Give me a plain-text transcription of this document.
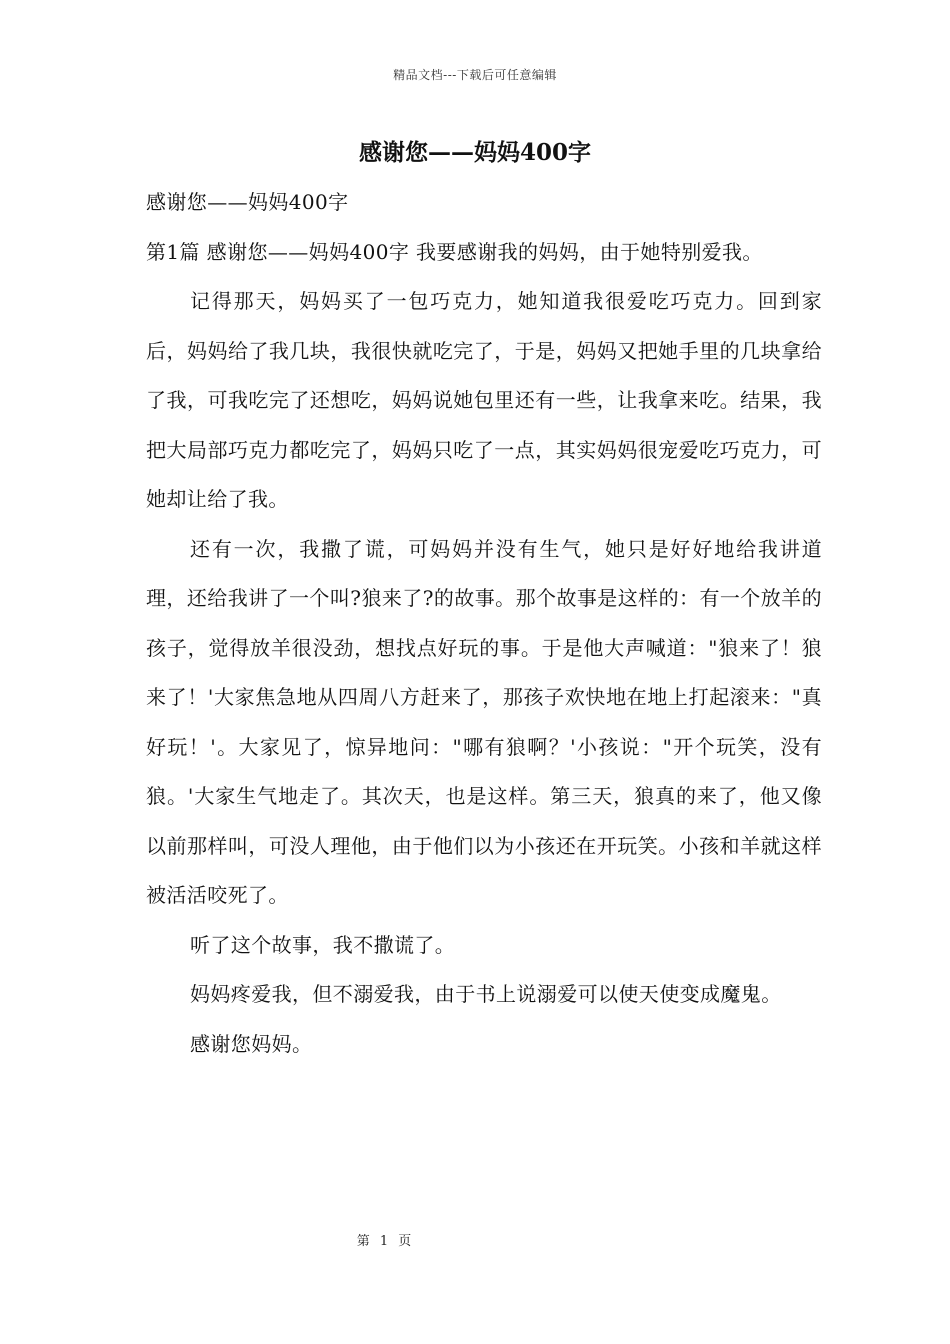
精品文档---下载后可任意编辑
感谢您——妈妈400字

感谢您——妈妈400字

第1篇 感谢您——妈妈400字 我要感谢我的妈妈，由于她特别爱我。

记得那天，妈妈买了一包巧克力，她知道我很爱吃巧克力。回到家后，妈妈给了我几块，我很快就吃完了，于是，妈妈又把她手里的几块拿给了我，可我吃完了还想吃，妈妈说她包里还有一些，让我拿来吃。结果，我把大局部巧克力都吃完了，妈妈只吃了一点，其实妈妈很宠爱吃巧克力，可她却让给了我。

还有一次，我撒了谎，可妈妈并没有生气，她只是好好地给我讲道理，还给我讲了一个叫?狼来了?的故事。那个故事是这样的：有一个放羊的孩子，觉得放羊很没劲，想找点好玩的事。于是他大声喊道："狼来了！狼来了！'大家焦急地从四周八方赶来了，那孩子欢快地在地上打起滚来："真好玩！'。大家见了，惊异地问："哪有狼啊？'小孩说："开个玩笑，没有狼。'大家生气地走了。其次天，也是这样。第三天，狼真的来了，他又像以前那样叫，可没人理他，由于他们以为小孩还在开玩笑。小孩和羊就这样被活活咬死了。

听了这个故事，我不撒谎了。

妈妈疼爱我，但不溺爱我，由于书上说溺爱可以使天使变成魔鬼。

感谢您妈妈。

第 1 页
